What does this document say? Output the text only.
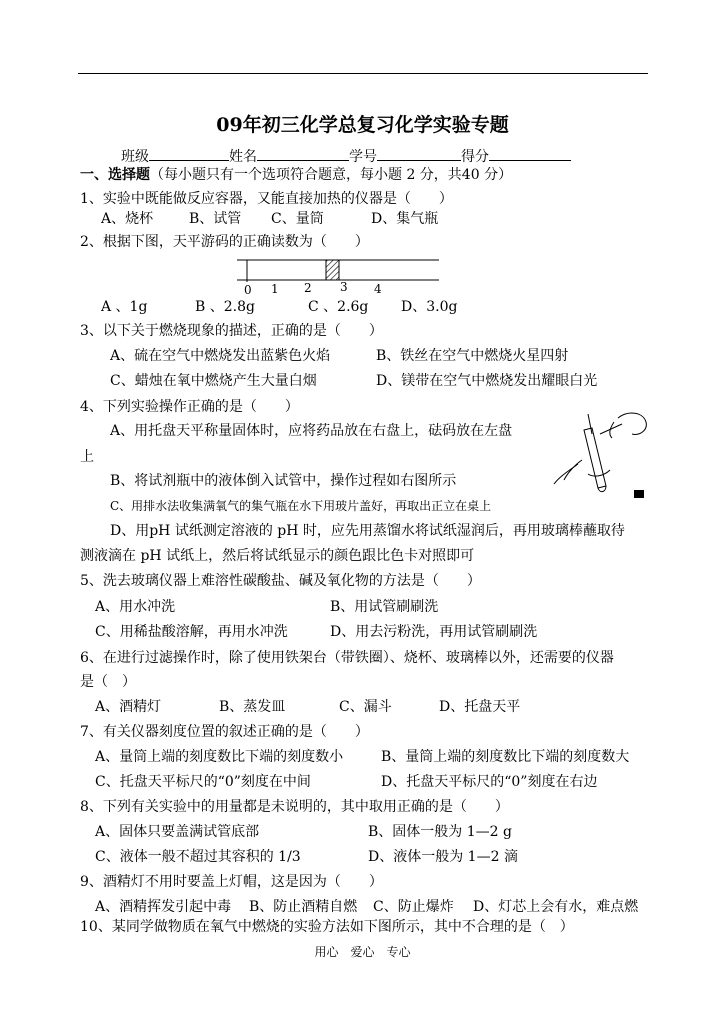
09年初三化学总复习化学实验专题
班级	姓名	学号	得分
一、选择题（每小题只有一个选项符合题意，每小题 2 分，共40 分）
1、实验中既能做反应容器，又能直接加热的仪器是（　　）
A、烧杯	B、试管 C、量筒	D、集气瓶
2、根据下图，天平游码的正确读数为（　　）
0 1 2 3 4
A 、1g	B 、2.8g	C 、2.6g D、3.0g
3、以下关于燃烧现象的描述，正确的是（　　）
A、硫在空气中燃烧发出蓝紫色火焰	B、铁丝在空气中燃烧火星四射
C、蜡烛在氧中燃烧产生大量白烟	D、镁带在空气中燃烧发出耀眼白光
4、下列实验操作正确的是（　　）
A、用托盘天平称量固体时，应将药品放在右盘上，砝码放在左盘
上
B、将试剂瓶中的液体倒入试管中，操作过程如右图所示
C、用排水法收集满氧气的集气瓶在水下用玻片盖好，再取出正立在桌上
D、用pH 试纸测定溶液的 pH 时，应先用蒸馏水将试纸湿润后，再用玻璃棒蘸取待
测液滴在 pH 试纸上，然后将试纸显示的颜色跟比色卡对照即可
5、洗去玻璃仪器上难溶性碳酸盐、碱及氧化物的方法是（　　）
A、用水冲洗	B、用试管刷刷洗
C、用稀盐酸溶解，再用水冲洗	D、用去污粉洗，再用试管刷刷洗
6、在进行过滤操作时，除了使用铁架台（带铁圈）、烧杯、玻璃棒以外，还需要的仪器
是（　）
A、酒精灯	B、蒸发皿	C、漏斗	D、托盘天平
7、有关仪器刻度位置的叙述正确的是（　　）
A、量筒上端的刻度数比下端的刻度数小	B、量筒上端的刻度数比下端的刻度数大
C、托盘天平标尺的“0”刻度在中间	D、托盘天平标尺的“0”刻度在右边
8、下列有关实验中的用量都是未说明的，其中取用正确的是（　　）
A、固体只要盖满试管底部	B、固体一般为 1—2 g
C、液体一般不超过其容积的 1/3	D、液体一般为 1—2 滴
9、酒精灯不用时要盖上灯帽，这是因为（　　）
A、酒精挥发引起中毒 B、防止酒精自燃 C、防止爆炸 D、灯芯上会有水，难点燃
10、某同学做物质在氧气中燃烧的实验方法如下图所示，其中不合理的是（　）
用心　爱心　专心
